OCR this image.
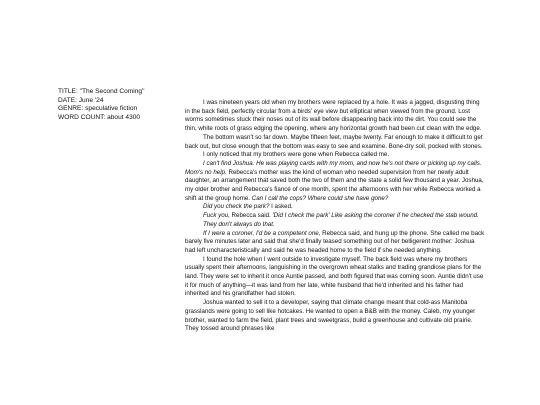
TITLE: "The Second Coming"
DATE: June '24
GENRE: speculative fiction
WORD COUNT: about 4300

I was nineteen years old when my brothers were replaced by a hole. It was a jagged, disgusting thing in the back field, perfectly circular from a birds' eye view but elliptical when viewed from the ground. Lost worms sometimes stuck their noses out of its wall before disappearing back into the dirt. You could see the thin, white roots of grass edging the opening, where any horizontal growth had been cut clean with the edge.

The bottom wasn't so far down. Maybe fifteen feet, maybe twenty. Far enough to make it difficult to get back out, but close enough that the bottom was easy to see and examine. Bone-dry soil, pocked with stones.

I only noticed that my brothers were gone when Rebecca called me.

I can't find Joshua. He was playing cards with my mom, and now he's not there or picking up my calls. Mom's no help. Rebecca's mother was the kind of woman who needed supervision from her newly adult daughter, an arrangement that saved both the two of them and the state a solid few thousand a year. Joshua, my older brother and Rebecca's fiancé of one month, spent the afternoons with her while Rebecca worked a shift at the group home. Can I call the cops? Where could she have gone?

Did you check the park? I asked.

Fuck you, Rebecca said. 'Did I check the park' Like asking the coroner if he checked the stab wound.

They don't always do that.

If I were a coroner, I'd be a competent one, Rebecca said, and hung up the phone. She called me back barely five minutes later and said that she'd finally teased something out of her belligerent mother: Joshua had left uncharacteristically and said he was headed home to the field if she needed anything.

I found the hole when I went outside to investigate myself. The back field was where my brothers usually spent their afternoons, languishing in the overgrown wheat stalks and trading grandiose plans for the land. They were set to inherit it once Auntie passed, and both figured that was coming soon. Auntie didn't use it for much of anything—it was land from her late, white husband that he'd inherited and his father had inherited and his grandfather had stolen.

Joshua wanted to sell it to a developer, saying that climate change meant that cold-ass Manitoba grasslands were going to sell like hotcakes. He wanted to open a B&B with the money. Caleb, my younger brother, wanted to farm the field, plant trees and sweetgrass, build a greenhouse and cultivate old prairie. They tossed around phrases like
